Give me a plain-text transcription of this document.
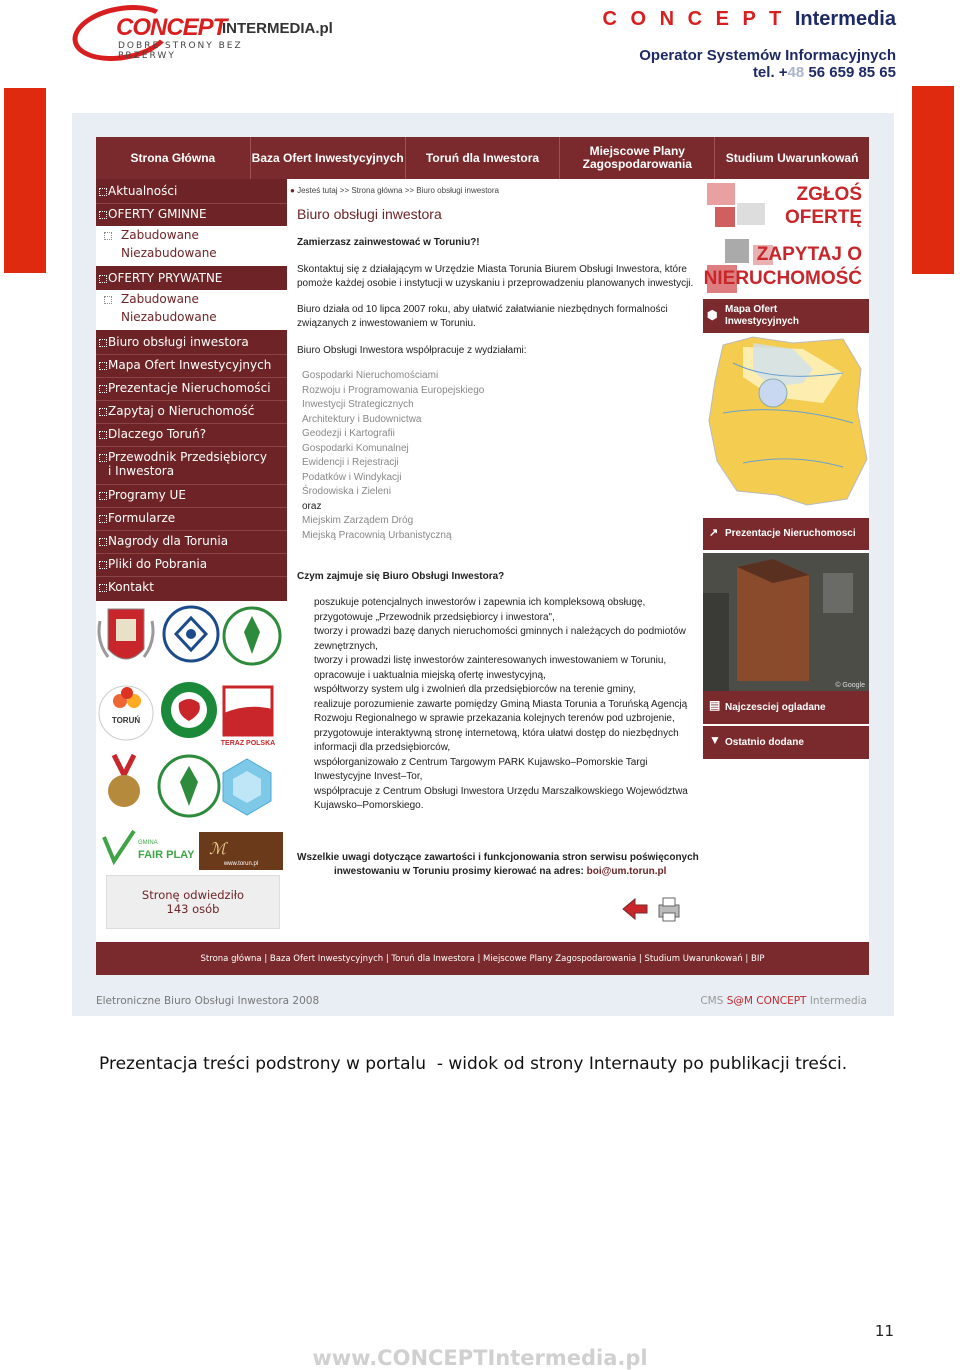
CONCEPT
INTERMEDIA.pl
DOBRE STRONY BEZ PRZERWY
C O N C E P T Intermedia
Operator Systemów Informacyjnych
tel. +48 56 659 85 65
Strona Główna	Baza Ofert Inwestycyjnych	Toruń dla Inwestora	Miejscowe Plany Zagospodarowania	Studium Uwarunkowań
Aktualności
OFERTY GMINNE
Zabudowane
Niezabudowane
OFERTY PRYWATNE
Zabudowane
Niezabudowane
Biuro obsługi inwestora
Mapa Ofert Inwestycyjnych
Prezentacje Nieruchomości
Zapytaj o Nieruchomość
Dlaczego Toruń?
Przewodnik Przedsiębiorcy i Inwestora
Programy UE
Formularze
Nagrody dla Torunia
Pliki do Pobrania
Kontakt
TORUŃ
TERAZ POLSKA
GMINA
FAIR PLAY ℳ
www.torun.pl
Stronę odwiedziło
143 osób
● Jesteś tutaj >> Strona główna >> Biuro obsługi inwestora
Biuro obsługi inwestora
Zamierzasz zainwestować w Toruniu?!
Skontaktuj się z działającym w Urzędzie Miasta Torunia Biurem Obsługi Inwestora, które pomoże każdej osobie i instytucji w uzyskaniu i przeprowadzeniu planowanych inwestycji.
Biuro działa od 10 lipca 2007 roku, aby ułatwić załatwianie niezbędnych formalności związanych z inwestowaniem w Toruniu.
Biuro Obsługi Inwestora współpracuje z wydziałami:
Gospodarki Nieruchomościami
Rozwoju i Programowania Europejskiego
Inwestycji Strategicznych
Architektury i Budownictwa
Geodezji i Kartografii
Gospodarki Komunalnej
Ewidencji i Rejestracji
Podatków i Windykacji
Środowiska i Zieleni
oraz
Miejskim Zarządem Dróg
Miejską Pracownią Urbanistyczną
Czym zajmuje się Biuro Obsługi Inwestora?
poszukuje potencjalnych inwestorów i zapewnia ich kompleksową obsługę,
przygotowuje „Przewodnik przedsiębiorcy i inwestora",
tworzy i prowadzi bazę danych nieruchomości gminnych i należących do podmiotów zewnętrznych,
tworzy i prowadzi listę inwestorów zainteresowanych inwestowaniem w Toruniu,
opracowuje i uaktualnia miejską ofertę inwestycyjną,
współtworzy system ulg i zwolnień dla przedsiębiorców na terenie gminy,
realizuje porozumienie zawarte pomiędzy Gminą Miasta Torunia a Toruńską Agencją Rozwoju Regionalnego w sprawie przekazania kolejnych terenów pod uzbrojenie,
przygotowuje interaktywną stronę internetową, która ułatwi dostęp do niezbędnych informacji dla przedsiębiorców,
współorganizowało z Centrum Targowym PARK Kujawsko–Pomorskie Targi Inwestycyjne Invest–Tor,
współpracuje z Centrum Obsługi Inwestora Urzędu Marszałkowskiego Województwa Kujawsko–Pomorskiego.
Wszelkie uwagi dotyczące zawartości i funkcjonowania stron serwisu poświęconych
inwestowaniu w Toruniu prosimy kierować na adres: boi@um.torun.pl
ZGŁOŚ
OFERTĘ
ZAPYTAJ O
NIERUCHOMOŚĆ
⬢ Mapa Ofert Inwestycyjnych
↗ Prezentacje Nieruchomosci
© Google
▤ Najczesciej ogladane
▼ Ostatnio dodane
Strona główna | Baza Ofert Inwestycyjnych | Toruń dla Inwestora | Miejscowe Plany Zagospodarowania | Studium Uwarunkowań | BIP
Eletroniczne Biuro Obsługi Inwestora 2008	CMS S@M CONCEPT Intermedia
Prezentacja treści podstrony w portalu  - widok od strony Internauty po publikacji treści.
11
www.CONCEPTIntermedia.pl
